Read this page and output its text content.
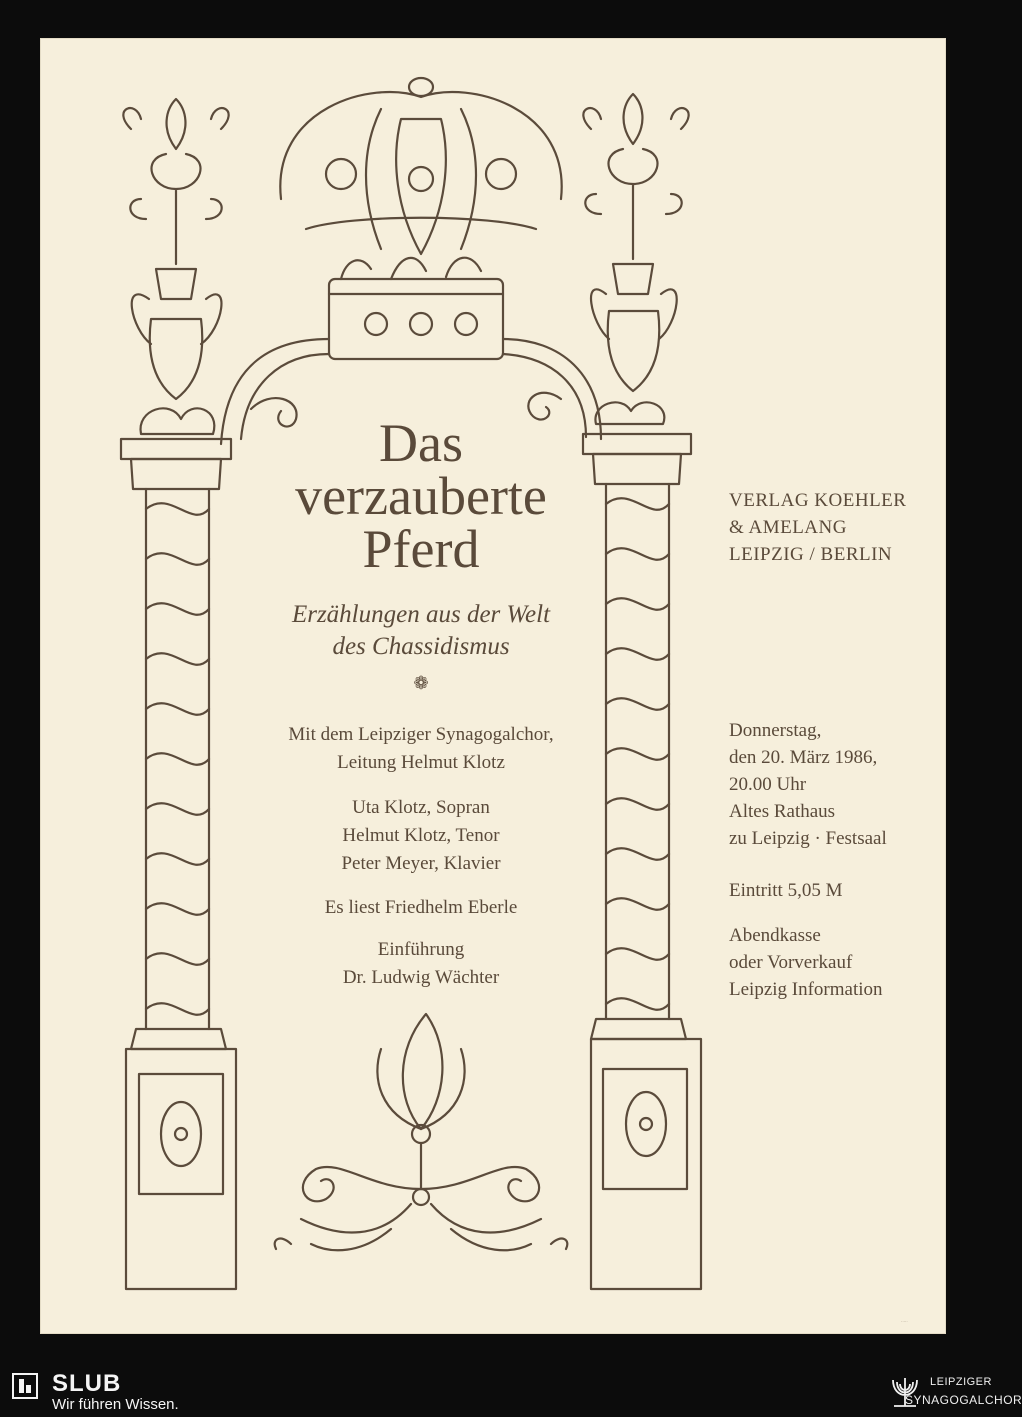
Das
verzauberte
Pferd
Erzählungen aus der Welt
des Chassidismus
❁
Mit dem Leipziger Synagogalchor,
Leitung Helmut Klotz
Uta Klotz, Sopran
Helmut Klotz, Tenor
Peter Meyer, Klavier
Es liest Friedhelm Eberle
Einführung
Dr. Ludwig Wächter
VERLAG KOEHLER
& AMELANG
LEIPZIG / BERLIN
Donnerstag,
den 20. März 1986,
20.00 Uhr
Altes Rathaus
zu Leipzig · Festsaal
Eintritt 5,05 M
Abendkasse
oder Vorverkauf
Leipzig Information
·····
SLUB
Wir führen Wissen.
LEIPZIGER
SYNAGOGALCHOR
